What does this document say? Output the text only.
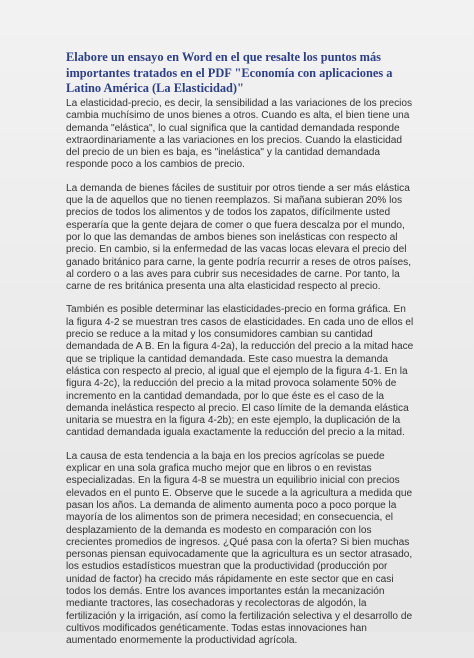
Elabore un ensayo en Word en el que resalte los puntos más importantes tratados en el PDF "Economía con aplicaciones a Latino América (La Elasticidad)"

La elasticidad-precio, es decir, la sensibilidad a las variaciones de los precios cambia muchísimo de unos bienes a otros. Cuando es alta, el bien tiene una demanda "elástica", lo cual significa que la cantidad demandada responde extraordinariamente a las variaciones en los precios. Cuando la elasticidad del precio de un bien es baja, es "inelástica" y la cantidad demandada responde poco a los cambios de precio.

La demanda de bienes fáciles de sustituir por otros tiende a ser más elástica que la de aquellos que no tienen reemplazos. Si mañana subieran 20% los precios de todos los alimentos y de todos los zapatos, difícilmente usted esperaría que la gente dejara de comer o que fuera descalza por el mundo, por lo que las demandas de ambos bienes son inelásticas con respecto al precio. En cambio, si la enfermedad de las vacas locas elevara el precio del ganado británico para carne, la gente podría recurrir a reses de otros países, al cordero o a las aves para cubrir sus necesidades de carne. Por tanto, la carne de res británica presenta una alta elasticidad respecto al precio.

También es posible determinar las elasticidades-precio en forma gráfica. En la figura 4-2 se muestran tres casos de elasticidades. En cada uno de ellos el precio se reduce a la mitad y los consumidores cambian su cantidad demandada de A B. En la figura 4-2a), la reducción del precio a la mitad hace que se triplique la cantidad demandada. Este caso muestra la demanda elástica con respecto al precio, al igual que el ejemplo de la figura 4-1. En la figura 4-2c), la reducción del precio a la mitad provoca solamente 50% de incremento en la cantidad demandada, por lo que éste es el caso de la demanda inelástica respecto al precio. El caso límite de la demanda elástica unitaria se muestra en la figura 4-2b); en este ejemplo, la duplicación de la cantidad demandada iguala exactamente la reducción del precio a la mitad.

La causa de esta tendencia a la baja en los precios agrícolas se puede explicar en una sola grafica mucho mejor que en libros o en revistas especializadas. En la figura 4-8 se muestra un equilibrio inicial con precios elevados en el punto E. Observe que le sucede a la agricultura a medida que pasan los años. La demanda de alimento aumenta poco a poco porque la mayoría de los alimentos son de primera necesidad; en consecuencia, el desplazamiento de la demanda es modesto en comparación con los crecientes promedios de ingresos. ¿Qué pasa con la oferta? Si bien muchas personas piensan equivocadamente que la agricultura es un sector atrasado, los estudios estadísticos muestran que la productividad (producción por unidad de factor) ha crecido más rápidamente en este sector que en casi todos los demás. Entre los avances importantes están la mecanización mediante tractores, las cosechadoras y recolectoras de algodón, la fertilización y la irrigación, así como la fertilización selectiva y el desarrollo de cultivos modificados genéticamente. Todas estas innovaciones han aumentado enormemente la productividad agrícola.
